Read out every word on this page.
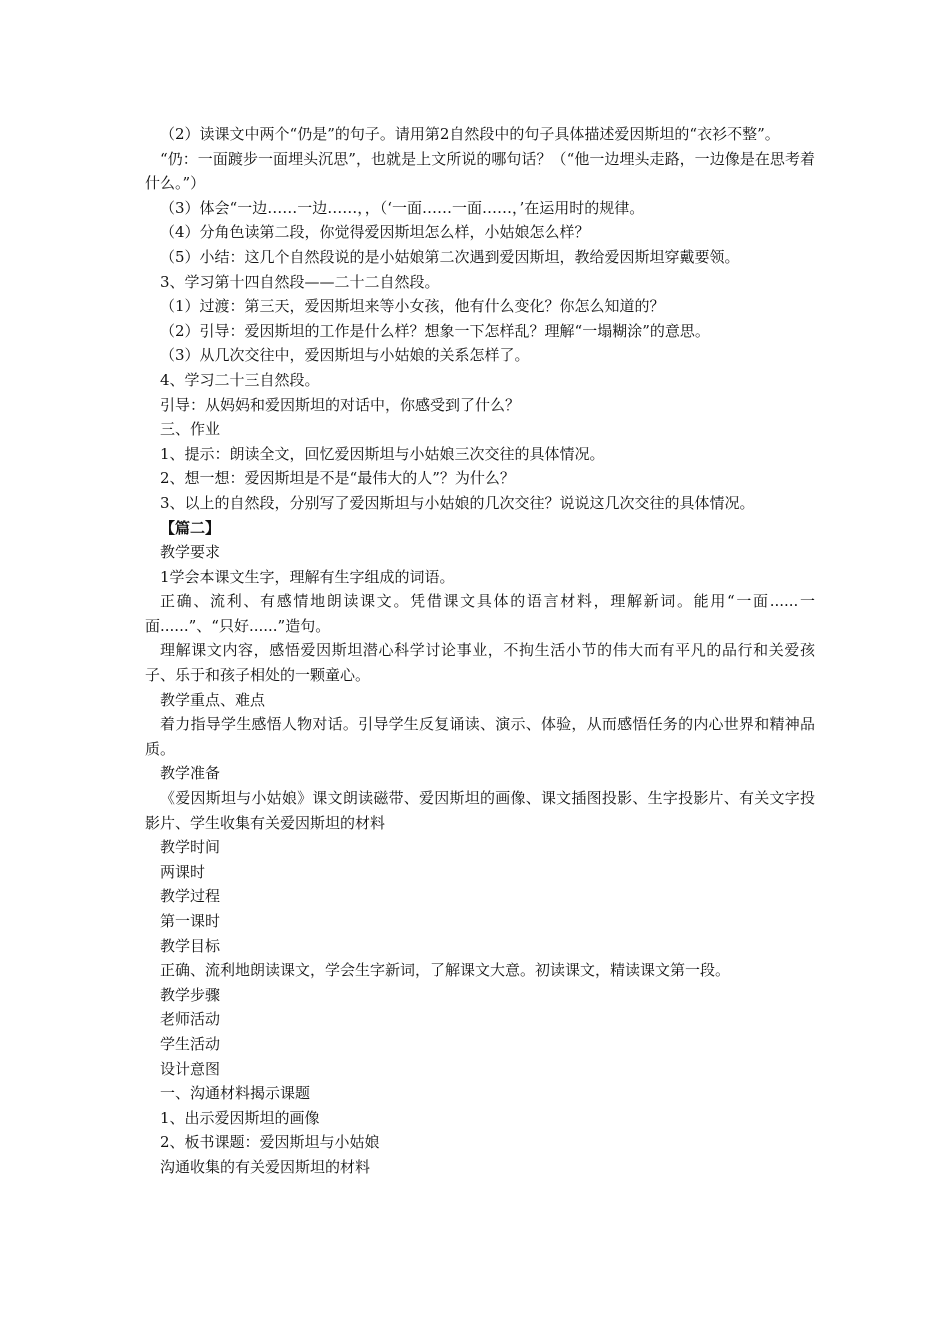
（2）读课文中两个“仍是”的句子。请用第2自然段中的句子具体描述爱因斯坦的“衣衫不整”。
“仍：一面踱步一面埋头沉思”，也就是上文所说的哪句话？（“他一边埋头走路，一边像是在思考着什么。”）
（3）体会“一边……一边……，，（‘一面……一面……，’在运用时的规律。
（4）分角色读第二段，你觉得爱因斯坦怎么样，小姑娘怎么样？
（5）小结：这几个自然段说的是小姑娘第二次遇到爱因斯坦，教给爱因斯坦穿戴要领。
3、学习第十四自然段——二十二自然段。
（1）过渡：第三天，爱因斯坦来等小女孩，他有什么变化？你怎么知道的？
（2）引导：爱因斯坦的工作是什么样？想象一下怎样乱？理解“一塌糊涂”的意思。
（3）从几次交往中，爱因斯坦与小姑娘的关系怎样了。
4、学习二十三自然段。
引导：从妈妈和爱因斯坦的对话中，你感受到了什么？
三、作业
1、提示：朗读全文，回忆爱因斯坦与小姑娘三次交往的具体情况。
2、想一想：爱因斯坦是不是“最伟大的人”？为什么？
3、以上的自然段，分别写了爱因斯坦与小姑娘的几次交往？说说这几次交往的具体情况。
【篇二】
教学要求
1学会本课文生字，理解有生字组成的词语。
正确、流利、有感情地朗读课文。凭借课文具体的语言材料，理解新词。能用“一面......一面......”、“只好......”造句。
理解课文内容，感悟爱因斯坦潜心科学讨论事业，不拘生活小节的伟大而有平凡的品行和关爱孩子、乐于和孩子相处的一颗童心。
教学重点、难点
着力指导学生感悟人物对话。引导学生反复诵读、演示、体验，从而感悟任务的内心世界和精神品质。
教学准备
《爱因斯坦与小姑娘》课文朗读磁带、爱因斯坦的画像、课文插图投影、生字投影片、有关文字投影片、学生收集有关爱因斯坦的材料
教学时间
两课时
教学过程
第一课时
教学目标
正确、流利地朗读课文，学会生字新词，了解课文大意。初读课文，精读课文第一段。
教学步骤
老师活动
学生活动
设计意图
一、沟通材料揭示课题
1、出示爱因斯坦的画像
2、板书课题：爱因斯坦与小姑娘
沟通收集的有关爱因斯坦的材料
